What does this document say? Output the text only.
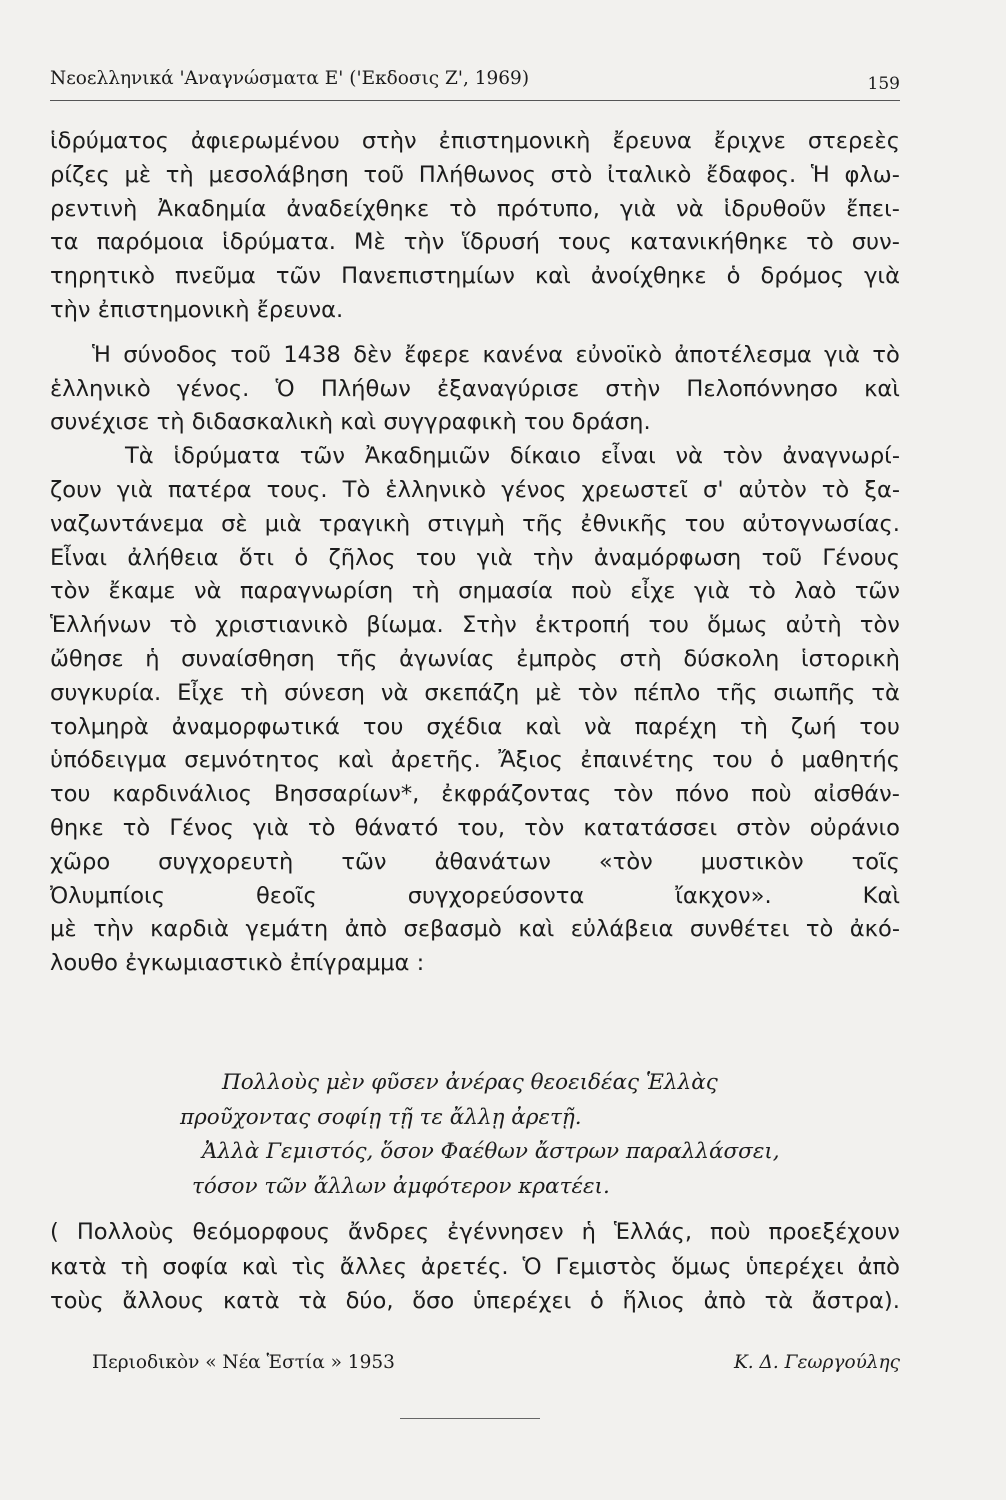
Νεοελληνικά 'Αναγνώσματα Ε' ('Εκδοσις Ζ', 1969)	159
ἱδρύματος ἀφιερωμένου στὴν ἐπιστημονικὴ ἔρευνα ἔριχνε στερεὲς
ρίζες μὲ τὴ μεσολάβηση τοῦ Πλήθωνος στὸ ἰταλικὸ ἔδαφος. Ἡ φλω-
ρεντινὴ Ἀκαδημία ἀναδείχθηκε τὸ πρότυπο, γιὰ νὰ ἱδρυθοῦν ἔπει-
τα παρόμοια ἱδρύματα. Μὲ τὴν ἵδρυσή τους κατανικήθηκε τὸ συν-
τηρητικὸ πνεῦμα τῶν Πανεπιστημίων καὶ ἀνοίχθηκε ὁ δρόμος γιὰ
τὴν ἐπιστημονικὴ ἔρευνα.
Ἡ σύνοδος τοῦ 1438 δὲν ἔφερε κανένα εὐνοϊκὸ ἀποτέλεσμα γιὰ τὸ
ἑλληνικὸ γένος. Ὁ Πλήθων ἐξαναγύρισε στὴν Πελοπόννησο καὶ
συνέχισε τὴ διδασκαλικὴ καὶ συγγραφικὴ του δράση.
Τὰ ἱδρύματα τῶν Ἀκαδημιῶν δίκαιο εἶναι νὰ τὸν ἀναγνωρί-
ζουν γιὰ πατέρα τους. Τὸ ἑλληνικὸ γένος χρεωστεῖ σ' αὐτὸν τὸ ξα-
ναζωντάνεμα σὲ μιὰ τραγικὴ στιγμὴ τῆς ἐθνικῆς του αὐτογνωσίας.
Εἶναι ἀλήθεια ὅτι ὁ ζῆλος του γιὰ τὴν ἀναμόρφωση τοῦ Γένους
τὸν ἔκαμε νὰ παραγνωρίση τὴ σημασία ποὺ εἶχε γιὰ τὸ λαὸ τῶν
Ἑλλήνων τὸ χριστιανικὸ βίωμα. Στὴν ἐκτροπή του ὅμως αὐτὴ τὸν
ὤθησε ἡ συναίσθηση τῆς ἀγωνίας ἐμπρὸς στὴ δύσκολη ἱστορικὴ
συγκυρία. Εἶχε τὴ σύνεση νὰ σκεπάζη μὲ τὸν πέπλο τῆς σιωπῆς τὰ
τολμηρὰ ἀναμορφωτικά του σχέδια καὶ νὰ παρέχη τὴ ζωή του
ὑπόδειγμα σεμνότητος καὶ ἀρετῆς. Ἄξιος ἐπαινέτης του ὁ μαθητής
του καρδινάλιος Βησσαρίων*, ἐκφράζοντας τὸν πόνο ποὺ αἰσθάν-
θηκε τὸ Γένος γιὰ τὸ θάνατό του, τὸν κατατάσσει στὸν οὐράνιο
χῶρο συγχορευτὴ τῶν ἀθανάτων «τὸν μυστικὸν τοῖς
Ὀλυμπίοις	θεοῖς	συγχορεύσοντα	ἴακχον».	Καὶ
μὲ τὴν καρδιὰ γεμάτη ἀπὸ σεβασμὸ καὶ εὐλάβεια συνθέτει τὸ ἀκό-
λουθο ἐγκωμιαστικὸ ἐπίγραμμα :
Πολλοὺς μὲν φῦσεν ἀνέρας θεοειδέας Ἑλλὰς
προῦχοντας σοφίῃ τῇ τε ἄλλῃ ἀρετῇ.
Ἀλλὰ Γεμιστός, ὅσον Φαέθων ἄστρων παραλλάσσει,
τόσον τῶν ἄλλων ἀμφότερον κρατέει.
( Πολλοὺς θεόμορφους ἄνδρες ἐγέννησεν ἡ Ἑλλάς, ποὺ προεξέχουν
κατὰ τὴ σοφία καὶ τὶς ἄλλες ἀρετές. Ὁ Γεμιστὸς ὅμως ὑπερέχει ἀπὸ
τοὺς ἄλλους κατὰ τὰ δύο, ὅσο ὑπερέχει ὁ ἥλιος ἀπὸ τὰ ἄστρα).
Περιοδικὸν « Νέα Ἑστία » 1953	Κ. Δ. Γεωργούλης
